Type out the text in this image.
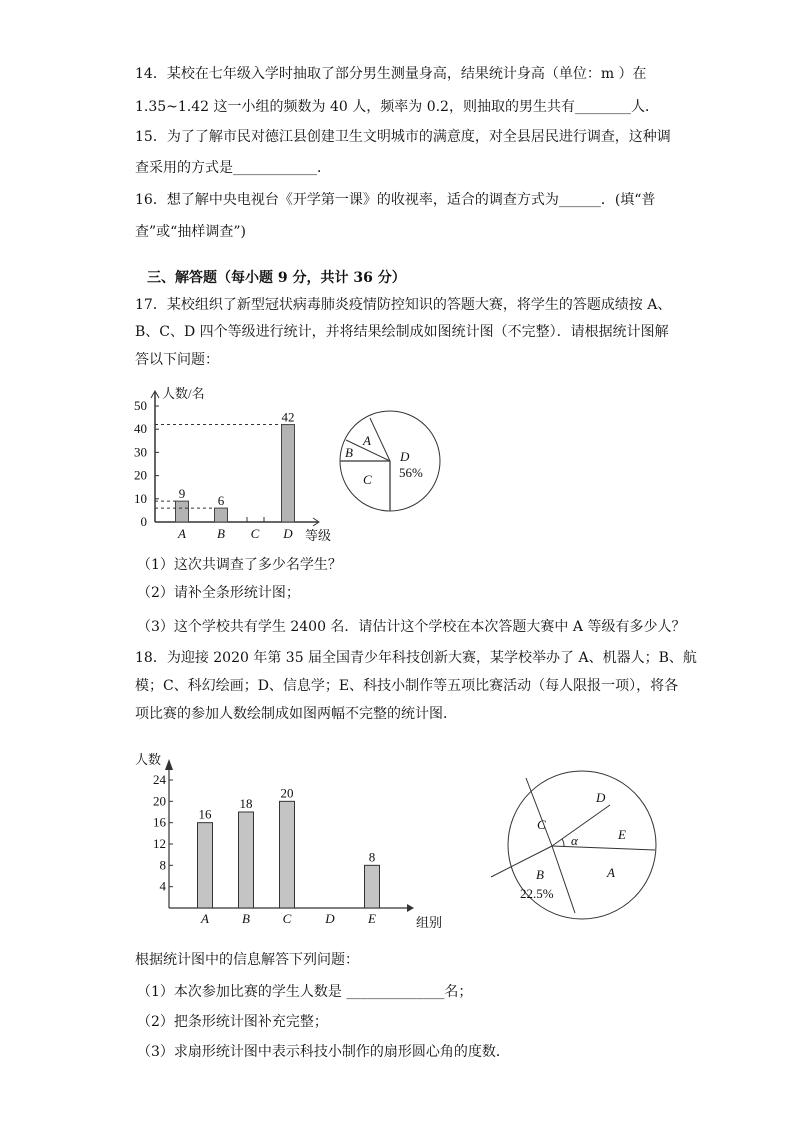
14．某校在七年级入学时抽取了部分男生测量身高，结果统计身高（单位：m ）在
1.35~1.42 这一小组的频数为 40 人，频率为 0.2，则抽取的男生共有________人．
15．为了了解市民对德江县创建卫生文明城市的满意度，对全县居民进行调查，这种调
查采用的方式是____________．
16．想了解中央电视台《开学第一课》的收视率，适合的调查方式为______．(填“普
查”或“抽样调查”)
三、解答题（每小题 9 分，共计 36 分）
17．某校组织了新型冠状病毒肺炎疫情防控知识的答题大赛，将学生的答题成绩按 A、
B、C、D 四个等级进行统计，并将结果绘制成如图统计图（不完整）．请根据统计图解
答以下问题：
（1）这次共调查了多少名学生？
（2）请补全条形统计图；
（3）这个学校共有学生 2400 名．请估计这个学校在本次答题大赛中 A 等级有多少人？
18．为迎接 2020 年第 35 届全国青少年科技创新大赛，某学校举办了 A、机器人；B、航
模；C、科幻绘画；D、信息学；E、科技小制作等五项比赛活动（每人限报一项），将各
项比赛的参加人数绘制成如图两幅不完整的统计图．
根据统计图中的信息解答下列问题：
（1）本次参加比赛的学生人数是 ______________名；
（2）把条形统计图补充完整；
（3）求扇形统计图中表示科技小制作的扇形圆心角的度数．
人数/名
等级
A
B
C
D
56%
0
10
20
30
40
50
A
9
B
6
C D
42
人数
组别
D
C
E
A
B
22.5%
α
4
8
12
16
20
24
A
16
B
18
C
20
D	E
8
